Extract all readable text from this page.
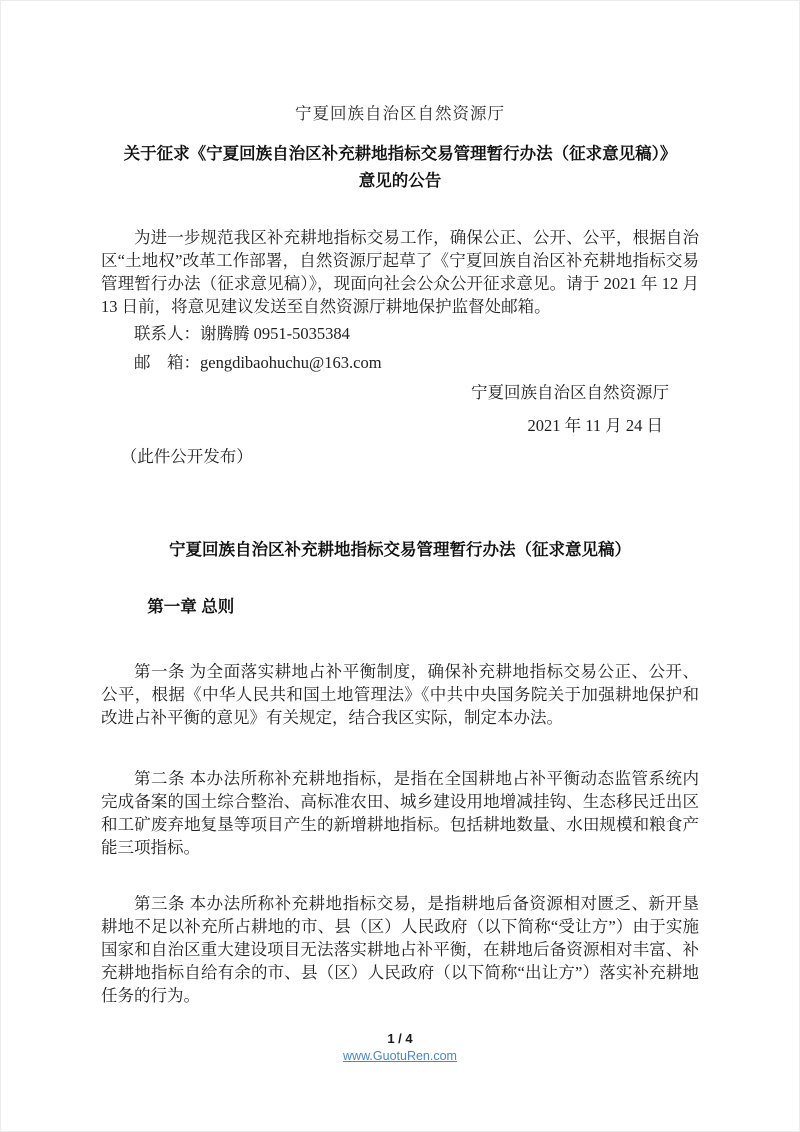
宁夏回族自治区自然资源厅
关于征求《宁夏回族自治区补充耕地指标交易管理暂行办法（征求意见稿）》
意见的公告

为进一步规范我区补充耕地指标交易工作，确保公正、公开、公平，根据自治区“土地权”改革工作部署，自然资源厅起草了《宁夏回族自治区补充耕地指标交易管理暂行办法（征求意见稿）》，现面向社会公众公开征求意见。请于 2021 年 12 月 13 日前，将意见建议发送至自然资源厅耕地保护监督处邮箱。

联系人：谢腾腾 0951-5035384

邮　箱：gengdibaohuchu@163.com

宁夏回族自治区自然资源厅

2021 年 11 月 24 日

（此件公开发布）

宁夏回族自治区补充耕地指标交易管理暂行办法（征求意见稿）
第一章 总则

第一条 为全面落实耕地占补平衡制度，确保补充耕地指标交易公正、公开、公平，根据《中华人民共和国土地管理法》《中共中央国务院关于加强耕地保护和改进占补平衡的意见》有关规定，结合我区实际，制定本办法。

第二条 本办法所称补充耕地指标，是指在全国耕地占补平衡动态监管系统内完成备案的国土综合整治、高标准农田、城乡建设用地增减挂钩、生态移民迁出区和工矿废弃地复垦等项目产生的新增耕地指标。包括耕地数量、水田规模和粮食产能三项指标。

第三条 本办法所称补充耕地指标交易，是指耕地后备资源相对匮乏、新开垦耕地不足以补充所占耕地的市、县（区）人民政府（以下简称“受让方”）由于实施国家和自治区重大建设项目无法落实耕地占补平衡，在耕地后备资源相对丰富、补充耕地指标自给有余的市、县（区）人民政府（以下简称“出让方”）落实补充耕地任务的行为。

1 / 4
www.GuotuRen.com
